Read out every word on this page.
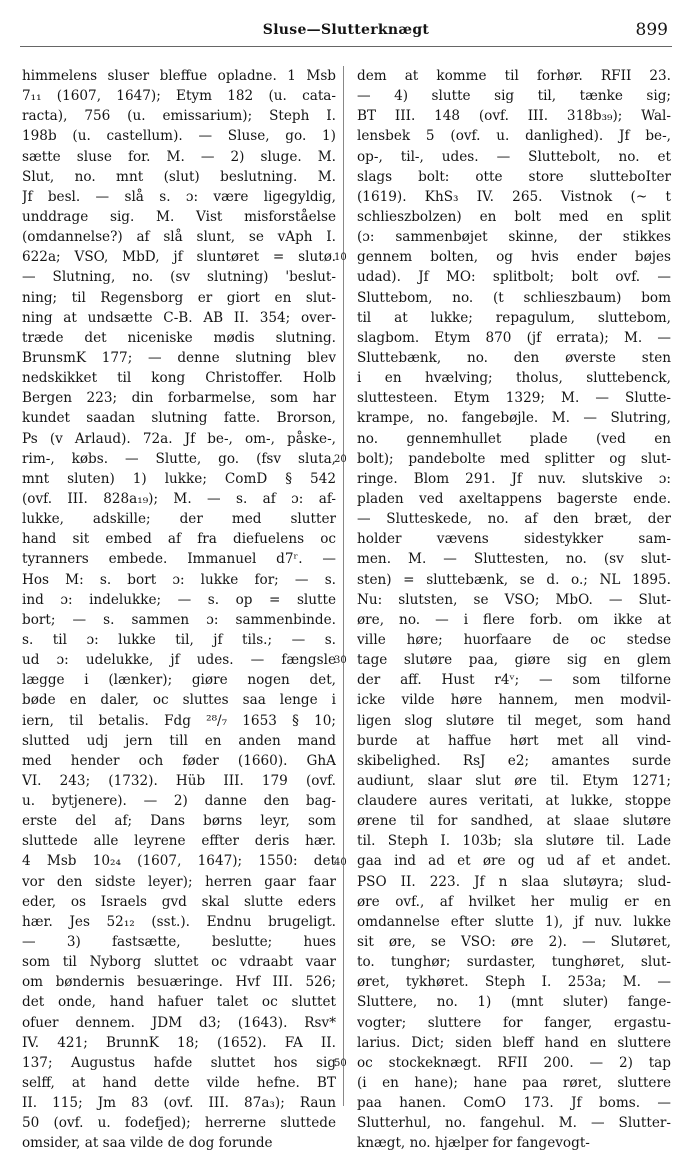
Sluse—Slutterknægt	899
himmelens sluser bleffue opladne. 1 Msb
7₁₁ (1607, 1647); Etym 182 (u. cata-
racta), 756 (u. emissarium); Steph I.
198b (u. castellum). — Sluse, go. 1)
sætte sluse for. M. — 2) sluge. M.
Slut, no. mnt (slut) beslutning. M.
Jf besl. — slå s. ɔ: være ligegyldig,
unddrage sig. M. Vist misforståelse
(omdannelse?) af slå slunt, se vAph I.
622a; VSO, MbD, jf sluntøret = slutø.
— Slutning, no. (sv slutning) 'beslut-
ning; til Regensborg er giort en slut-
ning at undsætte C-B. AB II. 354; over-
træde det niceniske mødis slutning.
BrunsmK 177; — denne slutning blev
nedskikket til kong Christoffer. Holb
Bergen 223; din forbarmelse, som har
kundet saadan slutning fatte. Brorson,
Ps (v Arlaud). 72a. Jf be-, om-, påske-,
rim-, købs. — Slutte, go. (fsv sluta,
mnt sluten) 1) lukke; ComD § 542
(ovf. III. 828a₁₉); M. — s. af ɔ: af-
lukke, adskille; der med slutter
hand sit embed af fra diefuelens oc
tyranners embede. Immanuel d7ʳ. —
Hos M: s. bort ɔ: lukke for; — s.
ind ɔ: indelukke; — s. op = slutte
bort; — s. sammen ɔ: sammenbinde.
s. til ɔ: lukke til, jf tils.; — s.
ud ɔ: udelukke, jf udes. — fængsle
lægge i (lænker); giøre nogen det,
bøde en daler, oc sluttes saa lenge i
iern, til betalis. Fdg ²⁸/₇ 1653 § 10;
slutted udj jern till en anden mand
med hender och føder (1660). GhA
VI. 243; (1732). Hüb III. 179 (ovf.
u. bytjenere). — 2) danne den bag-
erste del af; Dans børns leyr, som
sluttede alle leyrene effter deris hær.
4 Msb 10₂₄ (1607, 1647); 1550: det
vor den sidste leyer); herren gaar faar
eder, os Israels gvd skal slutte eders
hær. Jes 52₁₂ (sst.). Endnu brugeligt.
— 3) fastsætte, beslutte; hues
som til Nyborg sluttet oc vdraabt vaar
om bøndernis besuæringe. Hvf III. 526;
det onde, hand hafuer talet oc sluttet
ofuer dennem. JDM d3; (1643). Rsv*
IV. 421; BrunnK 18; (1652). FA II.
137; Augustus hafde sluttet hos sig
selff, at hand dette vilde hefne. BT
II. 115; Jm 83 (ovf. III. 87a₃); Raun
50 (ovf. u. fodefjed); herrerne sluttede
omsider, at saa vilde de dog forunde
10
20
30
40
50
dem at komme til forhør. RFII 23.
— 4) slutte sig til, tænke sig;
BT III. 148 (ovf. III. 318b₃₉); Wal-
lensbek 5 (ovf. u. danlighed). Jf be-,
op-, til-, udes. — Sluttebolt, no. et
slags bolt: otte store slutteboIter
(1619). KhS₃ IV. 265. Vistnok (~ t
schlieszbolzen) en bolt med en split
(ɔ: sammenbøjet skinne, der stikkes
gennem bolten, og hvis ender bøjes
udad). Jf MO: splitbolt; bolt ovf. —
Sluttebom, no. (t schlieszbaum) bom
til at lukke; repagulum, sluttebom,
slagbom. Etym 870 (jf errata); M. —
Sluttebænk, no. den øverste sten
i en hvælving; tholus, sluttebenck,
sluttesteen. Etym 1329; M. — Slutte-
krampe, no. fangebøjle. M. — Slutring,
no. gennemhullet plade (ved en
bolt); pandebolte med splitter og slut-
ringe. Blom 291. Jf nuv. slutskive ɔ:
pladen ved axeltappens bagerste ende.
— Slutteskede, no. af den bræt, der
holder vævens sidestykker sam-
men. M. — Sluttesten, no. (sv slut-
sten) = sluttebænk, se d. o.; NL 1895.
Nu: slutsten, se VSO; MbO. — Slut-
øre, no. — i flere forb. om ikke at
ville høre; huorfaare de oc stedse
tage slutøre paa, giøre sig en glem
der aff. Hust r4ᵛ; — som tilforne
icke vilde høre hannem, men modvil-
ligen slog slutøre til meget, som hand
burde at haffue hørt met all vind-
skibelighed. RsJ e2; amantes surde
audiunt, slaar slut øre til. Etym 1271;
claudere aures veritati, at lukke, stoppe
ørene til for sandhed, at slaae slutøre
til. Steph I. 103b; sla slutøre til. Lade
gaa ind ad et øre og ud af et andet.
PSO II. 223. Jf n slaa slutøyra; slud-
øre ovf., af hvilket her mulig er en
omdannelse efter slutte 1), jf nuv. lukke
sit øre, se VSO: øre 2). — Slutøret,
to. tunghør; surdaster, tunghøret, slut-
øret, tykhøret. Steph I. 253a; M. —
Sluttere, no. 1) (mnt sluter) fange-
vogter; sluttere for fanger, ergastu-
larius. Dict; siden bleff hand en sluttere
oc stockeknægt. RFII 200. — 2) tap
(i en hane); hane paa røret, sluttere
paa hanen. ComO 173. Jf boms. —
Slutterhul, no. fangehul. M. — Slutter-
knægt, no. hjælper for fangevogt-
